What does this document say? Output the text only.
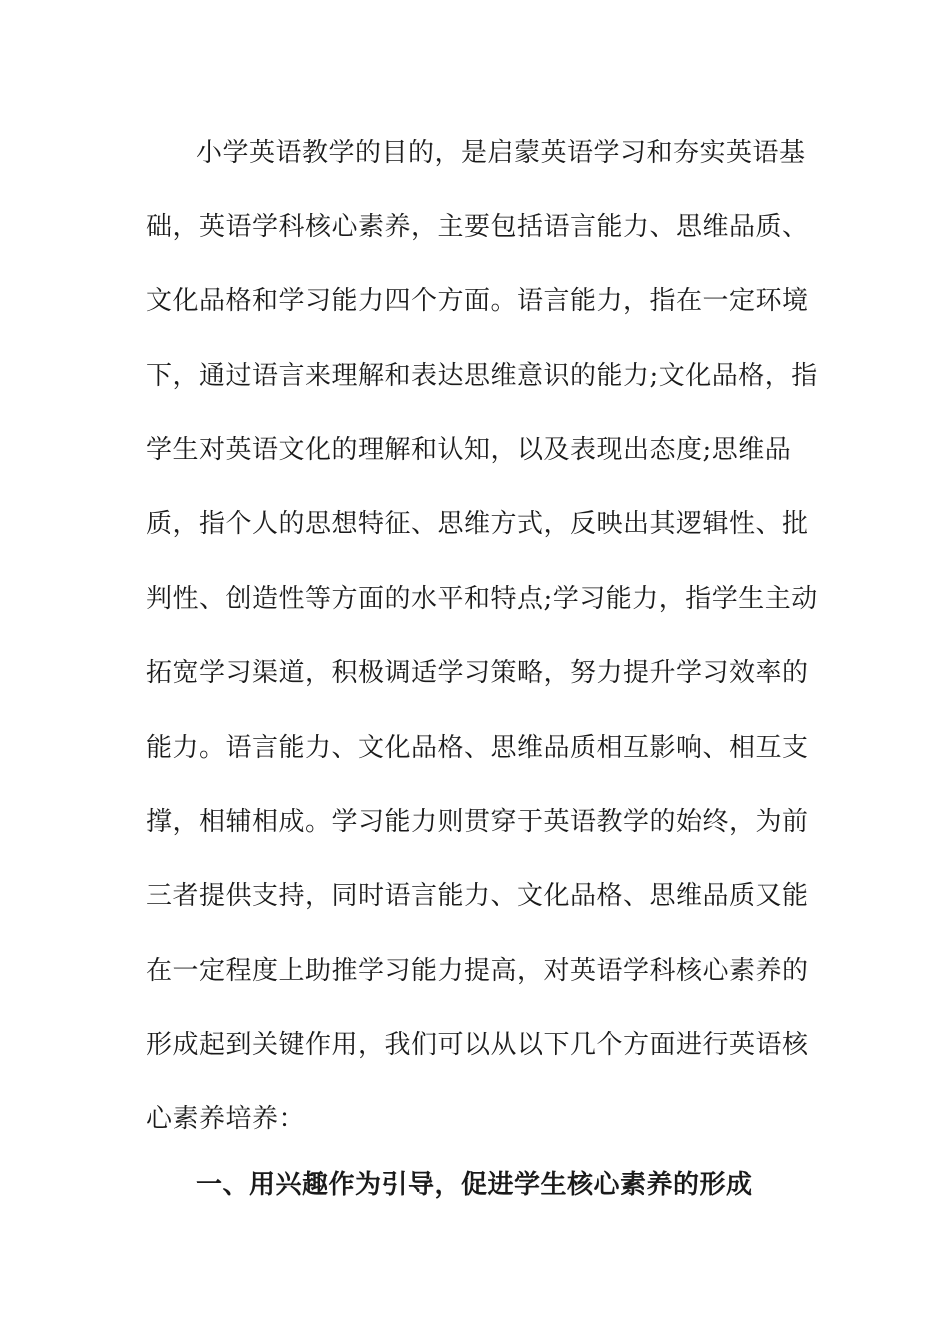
小学英语教学的目的，是启蒙英语学习和夯实英语基
础，英语学科核心素养，主要包括语言能力、思维品质、
文化品格和学习能力四个方面。语言能力，指在一定环境
下，通过语言来理解和表达思维意识的能力;文化品格，指
学生对英语文化的理解和认知，以及表现出态度;思维品
质，指个人的思想特征、思维方式，反映出其逻辑性、批
判性、创造性等方面的水平和特点;学习能力，指学生主动
拓宽学习渠道，积极调适学习策略，努力提升学习效率的
能力。语言能力、文化品格、思维品质相互影响、相互支
撑，相辅相成。学习能力则贯穿于英语教学的始终，为前
三者提供支持，同时语言能力、文化品格、思维品质又能
在一定程度上助推学习能力提高，对英语学科核心素养的
形成起到关键作用，我们可以从以下几个方面进行英语核
心素养培养：
一、用兴趣作为引导，促进学生核心素养的形成
